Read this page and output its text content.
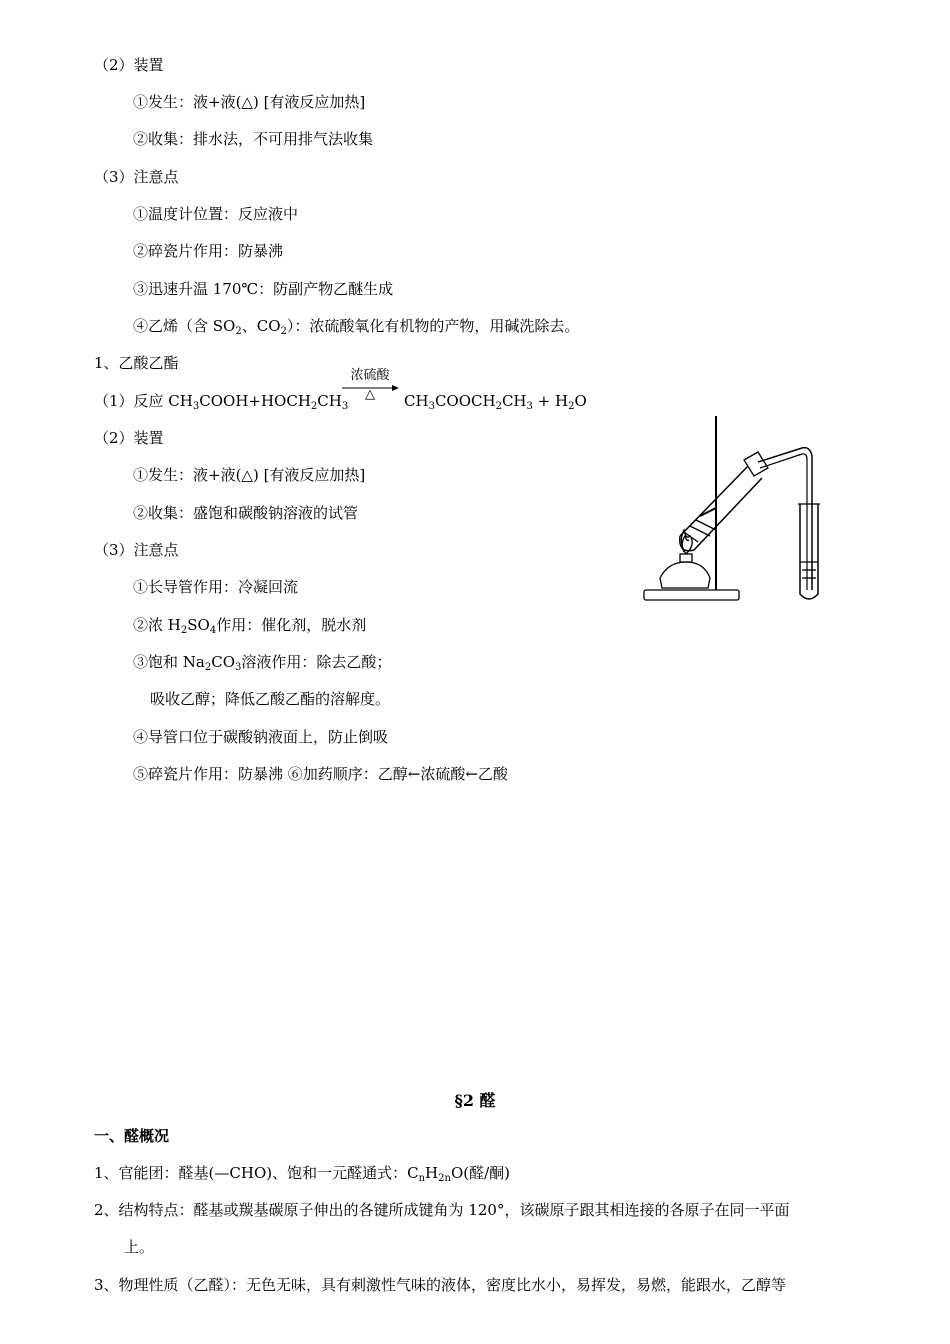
（2）装置
①发生：液+液(△) [有液反应加热]
②收集：排水法，不可用排气法收集
（3）注意点
①温度计位置：反应液中
②碎瓷片作用：防暴沸
③迅速升温 170℃：防副产物乙醚生成
④乙烯（含 $SO_2$、$CO_2$）：浓硫酸氧化有机物的产物，用碱洗除去。
1、乙酸乙酯
（1）反应 $CH_3COOH+HOCH_2CH_3$
浓硫酸
△	$CH_3COOCH_2CH_3 + H_2O$
（2）装置
①发生：液+液(△) [有液反应加热]
②收集：盛饱和碳酸钠溶液的试管
（3）注意点
①长导管作用：冷凝回流
②浓 $H_2SO_4$作用：催化剂，脱水剂
③饱和 $Na_2CO_3$溶液作用：除去乙酸；
吸收乙醇；降低乙酸乙酯的溶解度。
④导管口位于碳酸钠液面上，防止倒吸
⑤碎瓷片作用：防暴沸 ⑥加药顺序：乙醇←浓硫酸←乙酸
§2 醛
一、醛概况
1、官能团：醛基(—CHO)、饱和一元醛通式：$C_nH_{2n}O$(醛/酮)
2、结构特点：醛基或羰基碳原子伸出的各键所成键角为 120°，该碳原子跟其相连接的各原子在同一平面
上。
3、物理性质（乙醛）：无色无味，具有刺激性气味的液体，密度比水小，易挥发，易燃，能跟水，乙醇等
